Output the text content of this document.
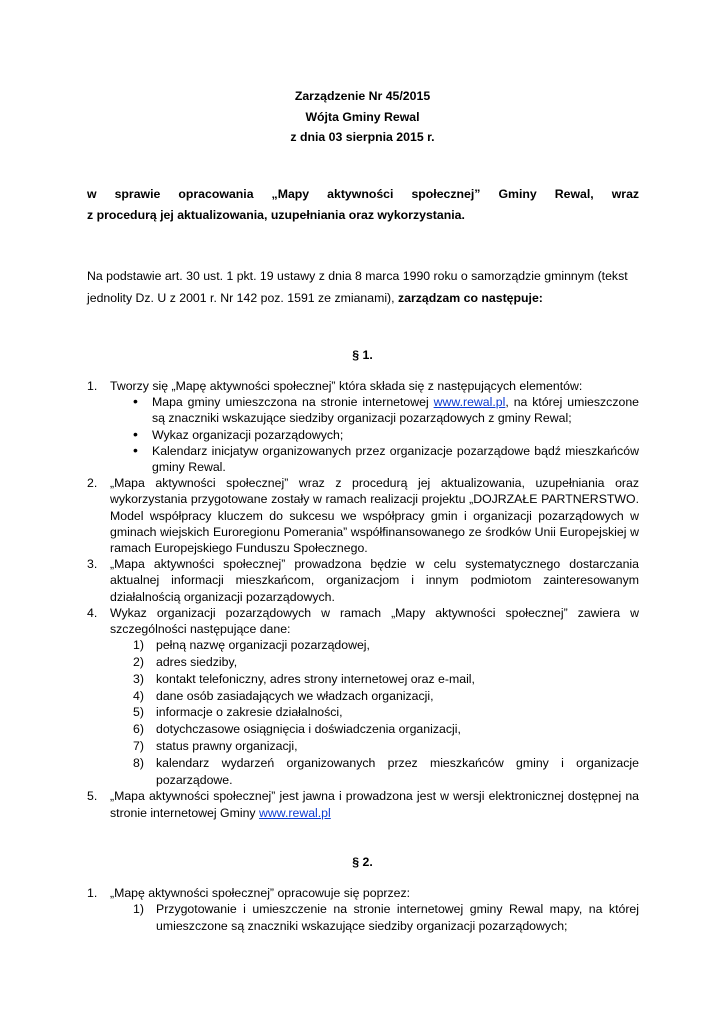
Zarządzenie Nr 45/2015
Wójta Gminy Rewal
z dnia 03 sierpnia 2015 r.
w sprawie opracowania „Mapy aktywności społecznej” Gminy Rewal, wraz
z procedurą jej aktualizowania, uzupełniania oraz wykorzystania.
Na podstawie art. 30 ust. 1 pkt. 19 ustawy z dnia 8 marca 1990 roku o samorządzie gminnym (tekst jednolity Dz. U z 2001 r. Nr 142 poz. 1591 ze zmianami), zarządzam co następuje:
§ 1.
1. Tworzy się „Mapę aktywności społecznej” która składa się z następujących elementów:
• Mapa gminy umieszczona na stronie internetowej www.rewal.pl, na której umieszczone są znaczniki wskazujące siedziby organizacji pozarządowych z gminy Rewal;
• Wykaz organizacji pozarządowych;
• Kalendarz inicjatyw organizowanych przez organizacje pozarządowe bądź mieszkańców gminy Rewal.
2. „Mapa aktywności społecznej” wraz z procedurą jej aktualizowania, uzupełniania oraz wykorzystania przygotowane zostały w ramach realizacji projektu „DOJRZAŁE PARTNERSTWO. Model współpracy kluczem do sukcesu we współpracy gmin i organizacji pozarządowych w gminach wiejskich Euroregionu Pomerania” współfinansowanego ze środków Unii Europejskiej w ramach Europejskiego Funduszu Społecznego.
3. „Mapa aktywności społecznej” prowadzona będzie w celu systematycznego dostarczania aktualnej informacji mieszkańcom, organizacjom i innym podmiotom zainteresowanym działalnością organizacji pozarządowych.
4. Wykaz organizacji pozarządowych w ramach „Mapy aktywności społecznej” zawiera w szczególności następujące dane:
1) pełną nazwę organizacji pozarządowej,
2) adres siedziby,
3) kontakt telefoniczny, adres strony internetowej oraz e-mail,
4) dane osób zasiadających we władzach organizacji,
5) informacje o zakresie działalności,
6) dotychczasowe osiągnięcia i doświadczenia organizacji,
7) status prawny organizacji,
8) kalendarz wydarzeń organizowanych przez mieszkańców gminy i organizacje pozarządowe.
5. „Mapa aktywności społecznej” jest jawna i prowadzona jest w wersji elektronicznej dostępnej na stronie internetowej Gminy www.rewal.pl
§ 2.
1. „Mapę aktywności społecznej” opracowuje się poprzez:
1) Przygotowanie i umieszczenie na stronie internetowej gminy Rewal mapy, na której umieszczone są znaczniki wskazujące siedziby organizacji pozarządowych;
